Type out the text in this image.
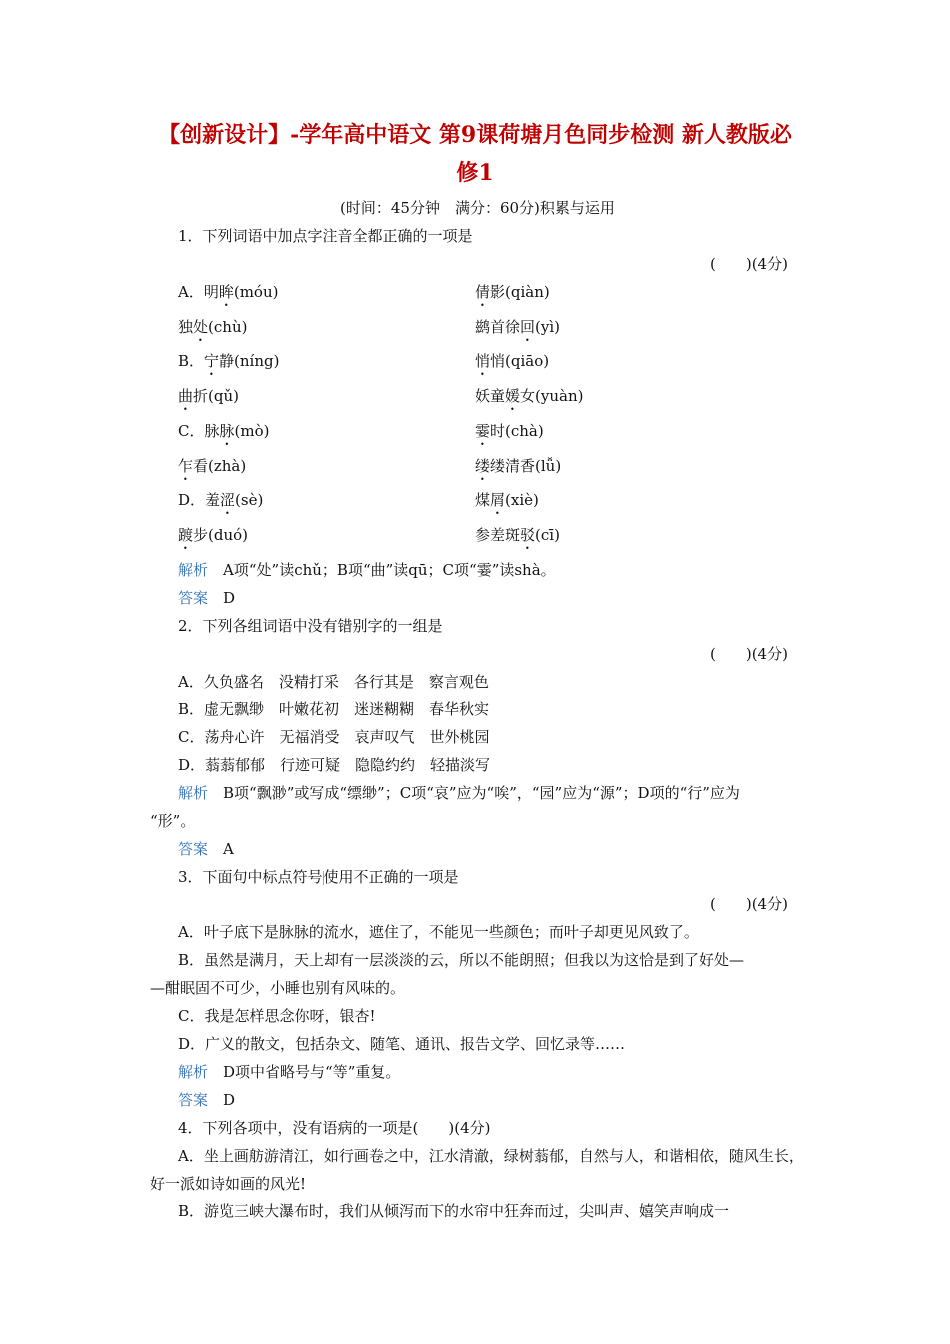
【创新设计】-学年高中语文 第9课荷塘月色同步检测 新人教版必
修1
(时间：45分钟　满分：60分)积累与运用
1．下列词语中加点字注音全都正确的一项是
(　　)(4分)
A．明眸(móu)	倩影(qiàn)
独处(chù)	鹚首徐回(yì)
B．宁静(níng)	悄悄(qiāo)
曲折(qǔ)	妖童媛女(yuàn)
C．脉脉(mò)	霎时(chà)
乍看(zhà)	缕缕清香(lǚ)
D．羞涩(sè)	煤屑(xiè)
踱步(duó)	参差斑驳(cī)
解析　 A项“处”读chǔ；B项“曲”读qū；C项“霎”读shà。
答案　 D
2．下列各组词语中没有错别字的一组是
(　　)(4分)
A．久负盛名　没精打采　各行其是　察言观色
B．虚无飘缈　叶嫩花初　迷迷糊糊　春华秋实
C．荡舟心许　无福消受　哀声叹气　世外桃园
D．蓊蓊郁郁　行迹可疑　隐隐约约　轻描淡写
解析　 B项“飘渺”或写成“缥缈”；C项“哀”应为“唉”，“园”应为“源”；D项的“行”应为
“形”。
答案　 A
3．下面句中标点符号使用不正确的一项是
(　　)(4分)
A．叶子底下是脉脉的流水，遮住了，不能见一些颜色；而叶子却更见风致了。
B．虽然是满月，天上却有一层淡淡的云，所以不能朗照；但我以为这恰是到了好处—
—酣眠固不可少，小睡也别有风味的。
C．我是怎样思念你呀，银杏!
D．广义的散文，包括杂文、随笔、通讯、报告文学、回忆录等……
解析　 D项中省略号与“等”重复。
答案　 D
4．下列各项中，没有语病的一项是(　　)(4分)
A．坐上画舫游清江，如行画卷之中，江水清澈，绿树蓊郁，自然与人，和谐相依，随风生长，好一派如诗如画的风光!
B．游览三峡大瀑布时，我们从倾泻而下的水帘中狂奔而过，尖叫声、嬉笑声响成一
